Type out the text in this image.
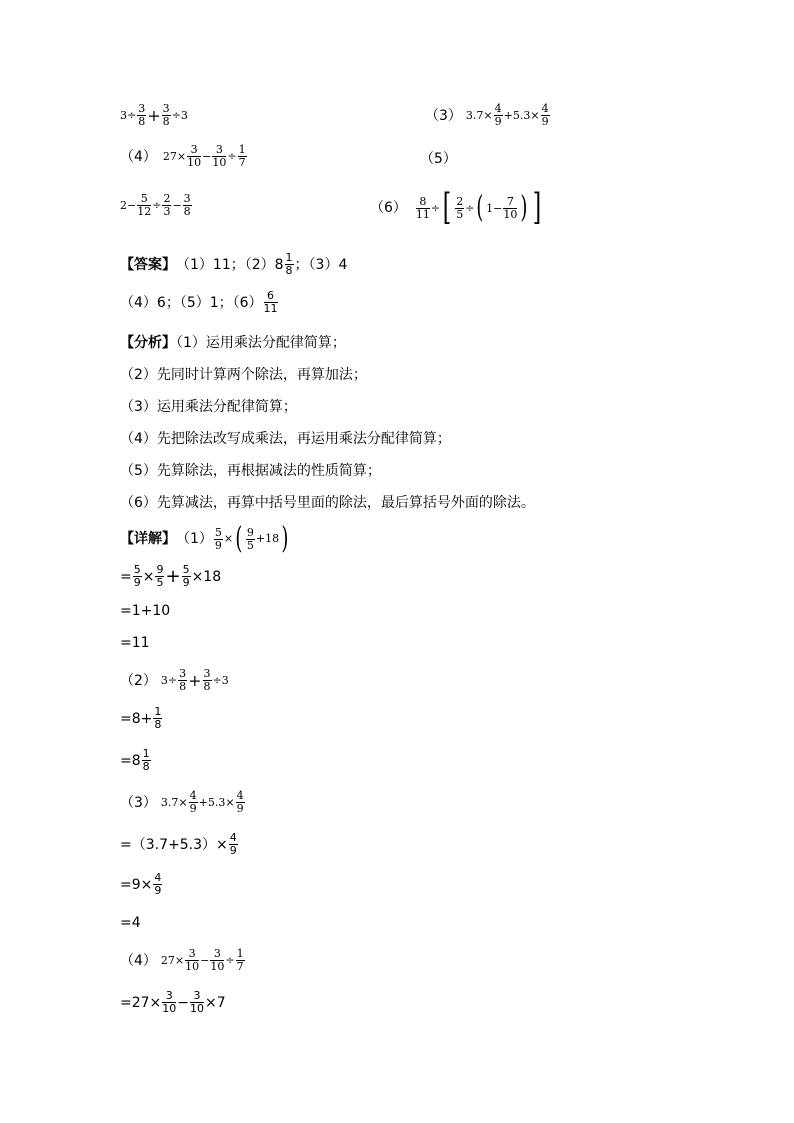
$3\div \frac{3}{8} + \frac{3}{8} \div 3$	（3） $3.7\times \frac{4}{9} +5.3\times \frac{4}{9}$
（4） $27\times \frac{3}{10} - \frac{3}{10} \div \frac{1}{7}$	（5）
$2- \frac{5}{12} \div \frac{2}{3} - \frac{3}{8}$	$(6) \frac{8}{11}$ ÷ [ $\frac{2}{5}$ ÷ ( $1- \frac{7}{10}$ ) ]
【答案】 （1）11；$(2)8 \frac{1}{8}$ ；（3）4
（4）6；（5）1；$(6) \frac{6}{11}$
【分析】（1）运用乘法分配律简算；
（2）先同时计算两个除法，再算加法；
（3）运用乘法分配律简算；
（4）先把除法改写成乘法，再运用乘法分配律简算；
（5）先算除法，再根据减法的性质简算；
（6）先算减法，再算中括号里面的除法，最后算括号外面的除法。
【详解】 $(1) \frac{5}{9}$ × ( $\frac{9}{5} +18$ )
= $\frac{5}{9} \times \frac{9}{5} + \frac{5}{9} \times 18$
=1+10
=11
（2） $3\div \frac{3}{8} + \frac{3}{8} \div 3$
$=8+ \frac{1}{8}$
$=8 \frac{1}{8}$
（3） $3.7\times \frac{4}{9} +5.3\times \frac{4}{9}$
$=(3.7+5.3)\times \frac{4}{9}$
$=9\times \frac{4}{9}$
=4
（4） $27\times \frac{3}{10} - \frac{3}{10} \div \frac{1}{7}$
$=27\times \frac{3}{10} - \frac{3}{10} \times 7$
